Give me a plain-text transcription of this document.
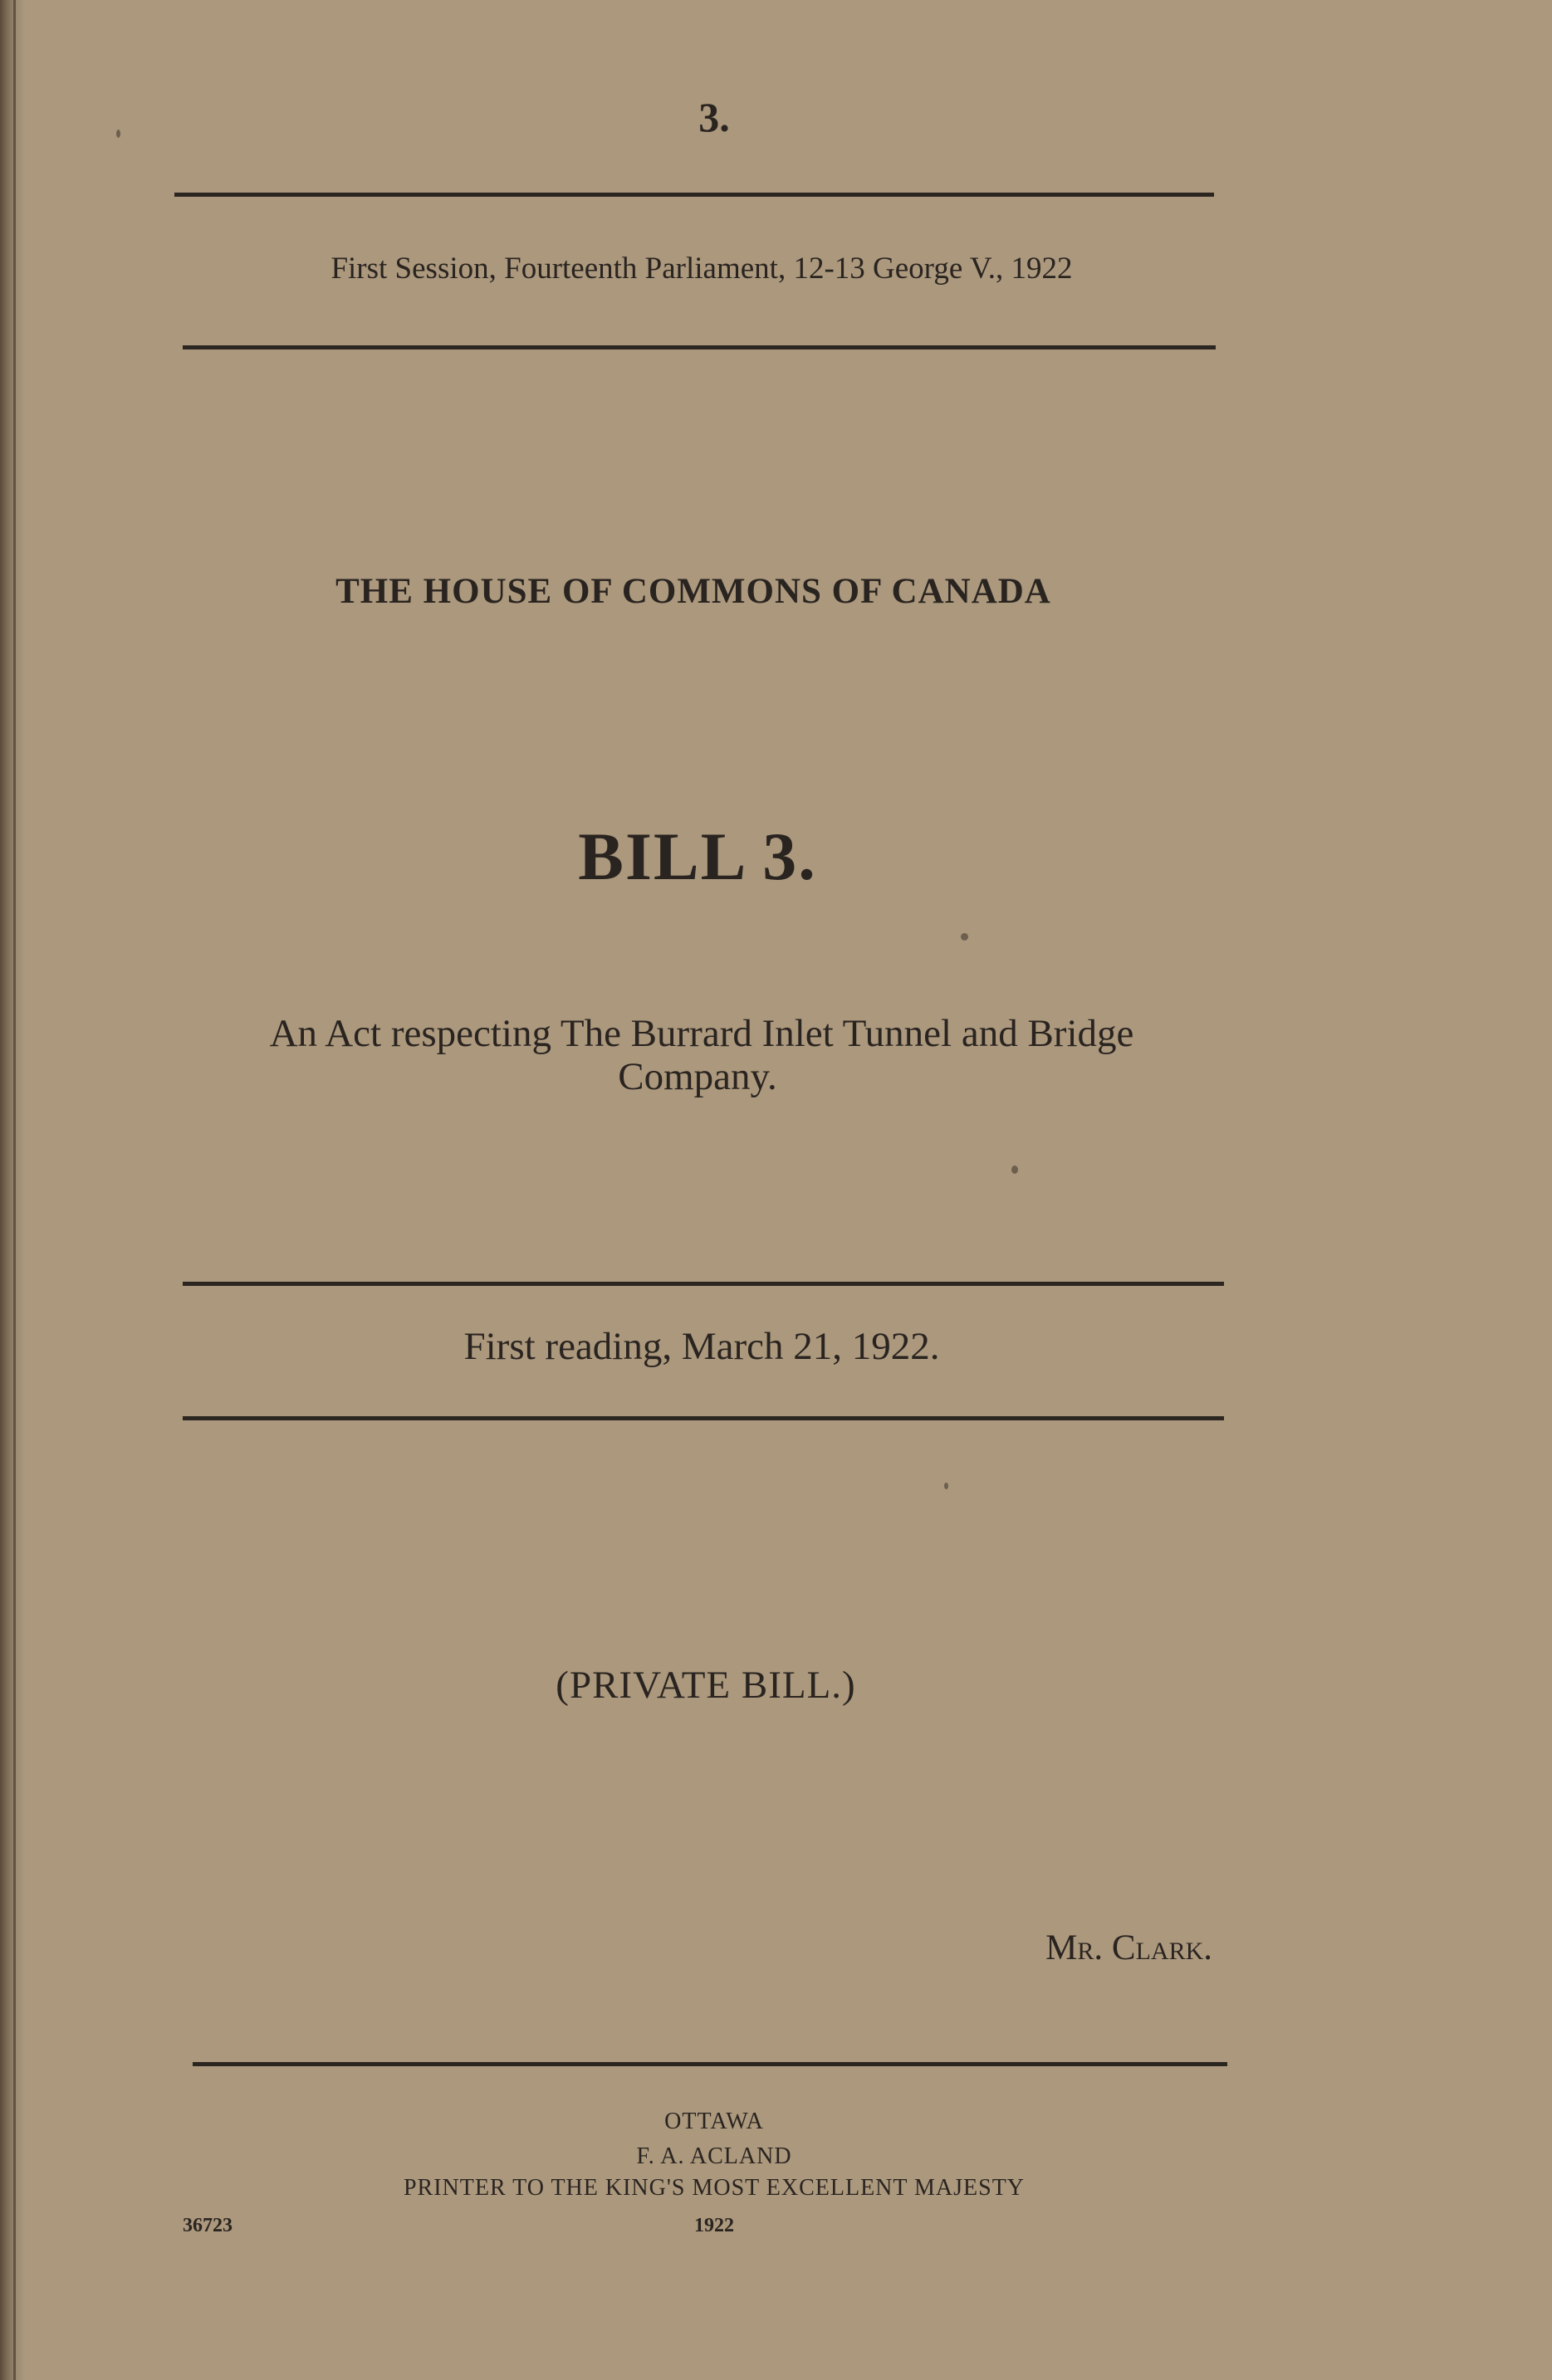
3.
First Session, Fourteenth Parliament, 12-13 George V., 1922
THE HOUSE OF COMMONS OF CANADA
BILL 3.
An Act respecting The Burrard Inlet Tunnel and Bridge
Company.
First reading, March 21, 1922.
(PRIVATE BILL.)
Mr. Clark.
OTTAWA
F. A. ACLAND
PRINTER TO THE KING'S MOST EXCELLENT MAJESTY
36723	1922
